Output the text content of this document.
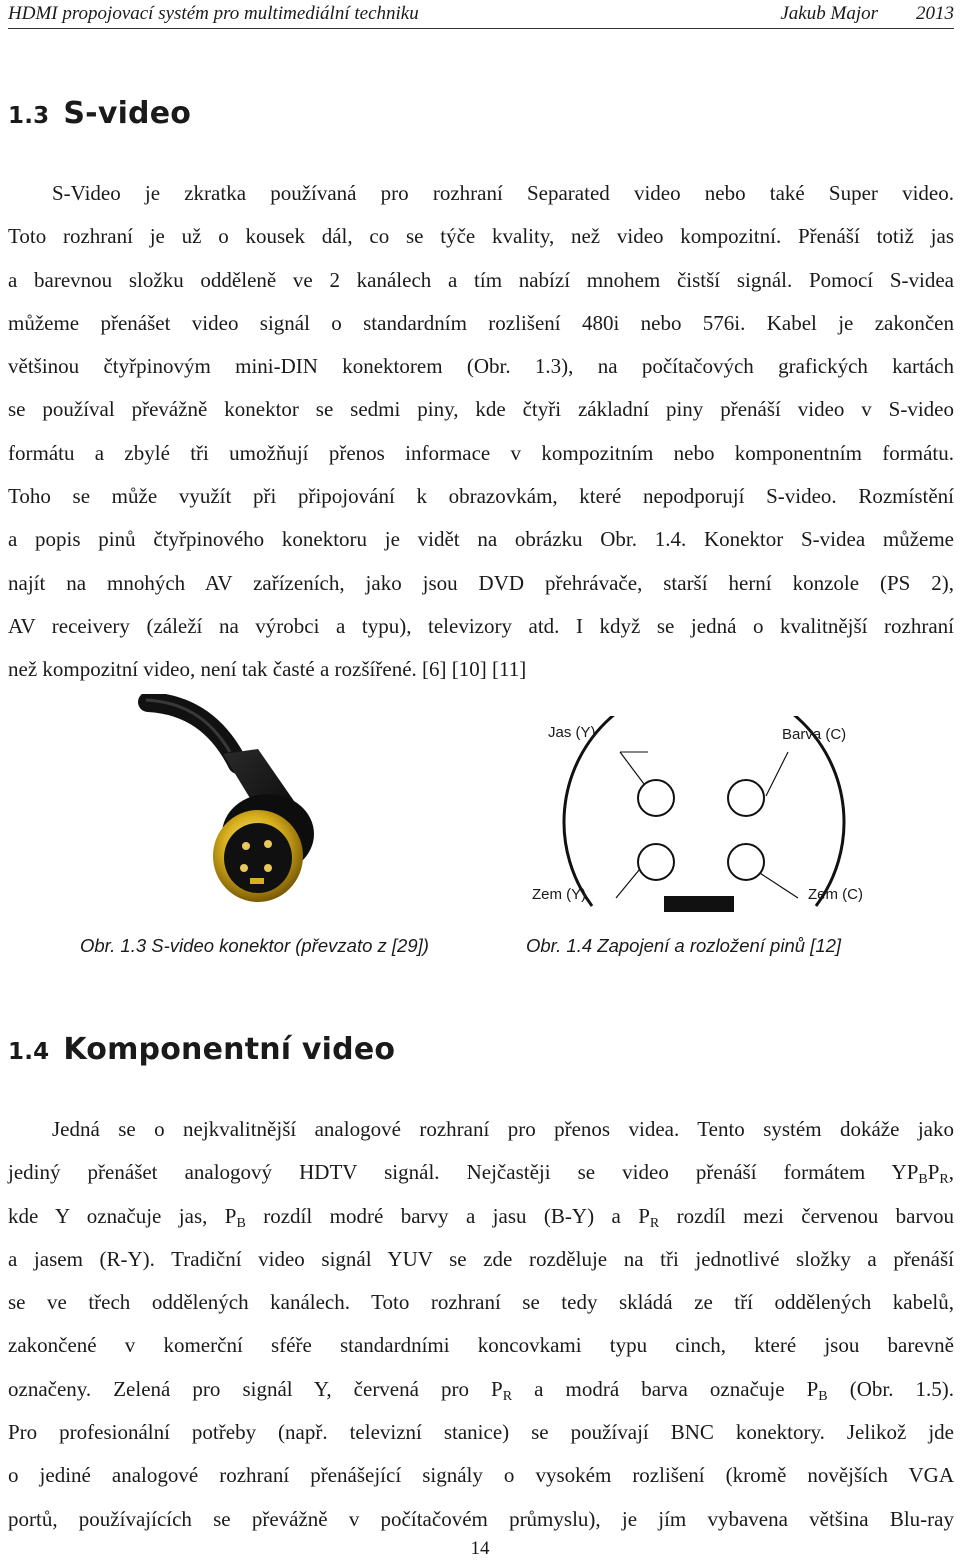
HDMI propojovací systém pro multimediální techniku	Jakub Major 2013
1.3 S-video
S-Video je zkratka používaná pro rozhraní Separated video nebo také Super video.
Toto rozhraní je už o kousek dál, co se týče kvality, než video kompozitní. Přenáší totiž jas
a barevnou složku odděleně ve 2 kanálech a tím nabízí mnohem čistší signál. Pomocí S-videa
můžeme přenášet video signál o standardním rozlišení 480i nebo 576i. Kabel je zakončen
většinou čtyřpinovým mini-DIN konektorem (Obr. 1.3), na počítačových grafických kartách
se používal převážně konektor se sedmi piny, kde čtyři základní piny přenáší video v S-video
formátu a zbylé tři umožňují přenos informace v kompozitním nebo komponentním formátu.
Toho se může využít při připojování k obrazovkám, které nepodporují S-video. Rozmístění
a popis pinů čtyřpinového konektoru je vidět na obrázku Obr. 1.4. Konektor S-videa můžeme
najít na mnohých AV zařízeních, jako jsou DVD přehrávače, starší herní konzole (PS 2),
AV receivery (záleží na výrobci a typu), televizory atd. I když se jedná o kvalitnější rozhraní
než kompozitní video, není tak časté a rozšířené. [6] [10] [11]
Obr. 1.3 S-video konektor (převzato z [29])
Jas (Y)	Barva (C)
Zem (Y)	Zem (C)
Obr. 1.4 Zapojení a rozložení pinů [12]
1.4 Komponentní video
Jedná se o nejkvalitnější analogové rozhraní pro přenos videa. Tento systém dokáže jako
jediný přenášet analogový HDTV signál. Nejčastěji se video přenáší formátem $YP_BP_R$,
kde Y označuje jas, $P_B$ rozdíl modré barvy a jasu (B-Y) a $P_R$ rozdíl mezi červenou barvou
a jasem (R-Y). Tradiční video signál YUV se zde rozděluje na tři jednotlivé složky a přenáší
se ve třech oddělených kanálech. Toto rozhraní se tedy skládá ze tří oddělených kabelů,
zakončené v komerční sféře standardními koncovkami typu cinch, které jsou barevně
označeny. Zelená pro signál Y, červená pro $P_R$ a modrá barva označuje $P_B$ (Obr. 1.5).
Pro profesionální potřeby (např. televizní stanice) se používají BNC konektory. Jelikož jde
o jediné analogové rozhraní přenášející signály o vysokém rozlišení (kromě novějších VGA
portů, používajících se převážně v počítačovém průmyslu), je jím vybavena většina Blu-ray
14
